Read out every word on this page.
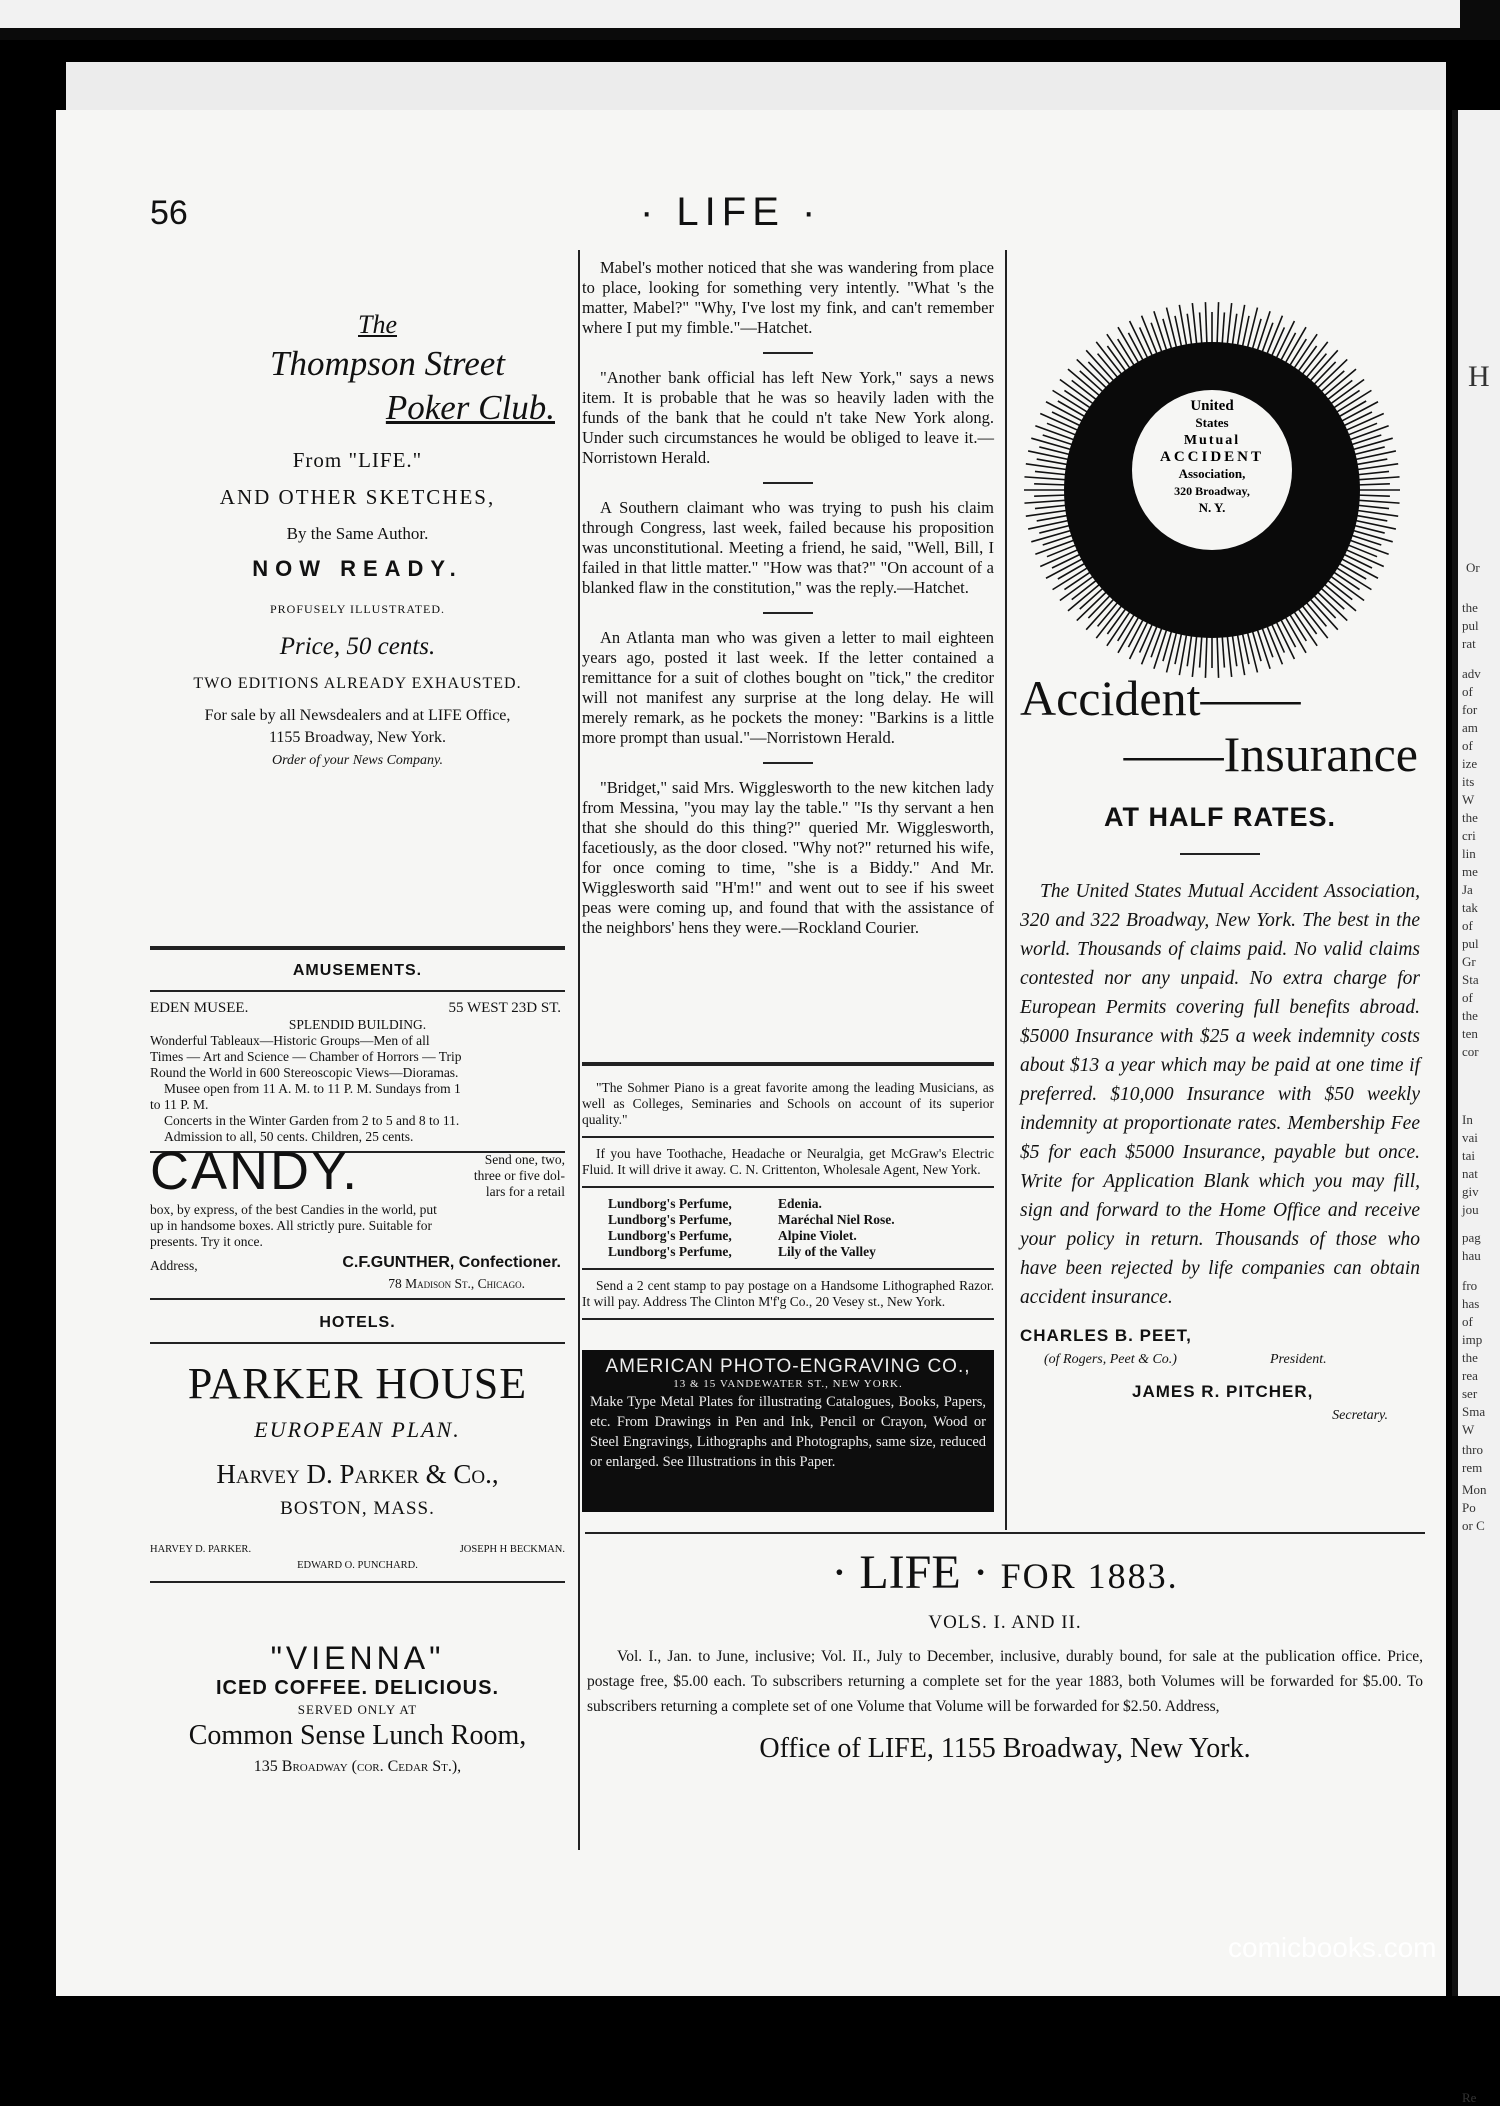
H
Or
the
pul
rat
adv
of
for
am
of
ize
its
W
the
cri
lin
me
Ja
tak
of
pul
Gr
Sta
of
the
ten
cor
In
vai
tai
nat
giv
jou
pag
hau
fro
has
of
imp
the
rea
ser
Sma
W
thro
rem
Mon
Po
or C
Re
56	· LIFE ·
The
Thompson Street
Poker Club.
From "LIFE."
AND OTHER SKETCHES,
By the Same Author.
NOW READY.
PROFUSELY ILLUSTRATED.
Price, 50 cents.
TWO EDITIONS ALREADY EXHAUSTED.
For sale by all Newsdealers and at LIFE Office,
1155 Broadway, New York.
Order of your News Company.
AMUSEMENTS.
EDEN MUSEE.	55 WEST 23D ST.
SPLENDID BUILDING.
Wonderful Tableaux—Historic Groups—Men of all
Times — Art and Science — Chamber of Horrors — Trip
Round the World in 600 Stereoscopic Views—Dioramas.
Musee open from 11 A. M. to 11 P. M. Sundays from 1
to 11 P. M.
Concerts in the Winter Garden from 2 to 5 and 8 to 11.
Admission to all, 50 cents. Children, 25 cents.
CANDY.	Send one, two,
three or five dol-
lars for a retail
box, by express, of the best Candies in the world, put
up in handsome boxes. All strictly pure. Suitable for
presents. Try it once.
Address,	C.F.GUNTHER, Confectioner.
78 Madison St., Chicago.
HOTELS.
PARKER HOUSE
EUROPEAN PLAN.
Harvey D. Parker & Co.,
BOSTON, MASS.
HARVEY D. PARKER.	JOSEPH H BECKMAN.
EDWARD O. PUNCHARD.
"VIENNA"
ICED COFFEE. DELICIOUS.
SERVED ONLY AT
Common Sense Lunch Room,
135 Broadway (cor. Cedar St.),

Mabel's mother noticed that she was wandering from place to place, looking for something very intently. "What 's the matter, Mabel?" "Why, I've lost my fink, and can't remember where I put my fimble."—Hatchet.

"Another bank official has left New York," says a news item. It is probable that he was so heavily laden with the funds of the bank that he could n't take New York along. Under such circumstances he would be obliged to leave it.—Norristown Herald.

A Southern claimant who was trying to push his claim through Congress, last week, failed because his proposition was unconstitutional. Meeting a friend, he said, "Well, Bill, I failed in that little matter." "How was that?" "On account of a blanked flaw in the constitution," was the reply.—Hatchet.

An Atlanta man who was given a letter to mail eighteen years ago, posted it last week. If the letter contained a remittance for a suit of clothes bought on "tick," the creditor will not manifest any surprise at the long delay. He will merely remark, as he pockets the money: "Barkins is a little more prompt than usual."—Norristown Herald.

"Bridget," said Mrs. Wigglesworth to the new kitchen lady from Messina, "you may lay the table." "Is thy servant a hen that she should do this thing?" queried Mr. Wigglesworth, facetiously, as the door closed. "Why not?" returned his wife, for once coming to time, "she is a Biddy." And Mr. Wigglesworth said "H'm!" and went out to see if his sweet peas were coming up, and found that with the assistance of the neighbors' hens they were.—Rockland Courier.

"The Sohmer Piano is a great favorite among the leading Musicians, as well as Colleges, Seminaries and Schools on account of its superior quality."
If you have Toothache, Headache or Neuralgia, get McGraw's Electric Fluid. It will drive it away. C. N. Crittenton, Wholesale Agent, New York.
Lundborg's Perfume,	Edenia.
Lundborg's Perfume,	Maréchal Niel Rose.
Lundborg's Perfume,	Alpine Violet.
Lundborg's Perfume,	Lily of the Valley
Send a 2 cent stamp to pay postage on a Handsome Lithographed Razor. It will pay. Address The Clinton M'f'g Co., 20 Vesey st., New York.
AMERICAN PHOTO-ENGRAVING CO.,
13 & 15 VANDEWATER ST., NEW YORK.
Make Type Metal Plates for illustrating Catalogues, Books, Papers, etc. From Drawings in Pen and Ink, Pencil or Crayon, Wood or Steel Engravings, Lithographs and Photographs, same size, reduced or enlarged. See Illustrations in this Paper.
United
States
Mutual
ACCIDENT
Association,
320 Broadway,
N. Y.
Accident——
——Insurance
AT HALF RATES.
The United States Mutual Accident Association, 320 and 322 Broadway, New York. The best in the world. Thousands of claims paid. No valid claims contested nor any unpaid. No extra charge for European Permits covering full benefits abroad. $5000 Insurance with $25 a week indemnity costs about $13 a year which may be paid at one time if preferred. $10,000 Insurance with $50 weekly indemnity at proportionate rates. Membership Fee $5 for each $5000 Insurance, payable but once. Write for Application Blank which you may fill, sign and forward to the Home Office and receive your policy in return. Thousands of those who have been rejected by life companies can obtain accident insurance.
CHARLES B. PEET,
(of Rogers, Peet & Co.)	President.
JAMES R. PITCHER,
Secretary.
· LIFE · FOR 1883.
VOLS. I. AND II.
Vol. I., Jan. to June, inclusive; Vol. II., July to December, inclusive, durably bound, for sale at the publication office. Price, postage free, $5.00 each. To subscribers returning a complete set for the year 1883, both Volumes will be forwarded for $5.00. To subscribers returning a complete set of one Volume that Volume will be forwarded for $2.50. Address,
Office of LIFE, 1155 Broadway, New York.
comicbooks.com
